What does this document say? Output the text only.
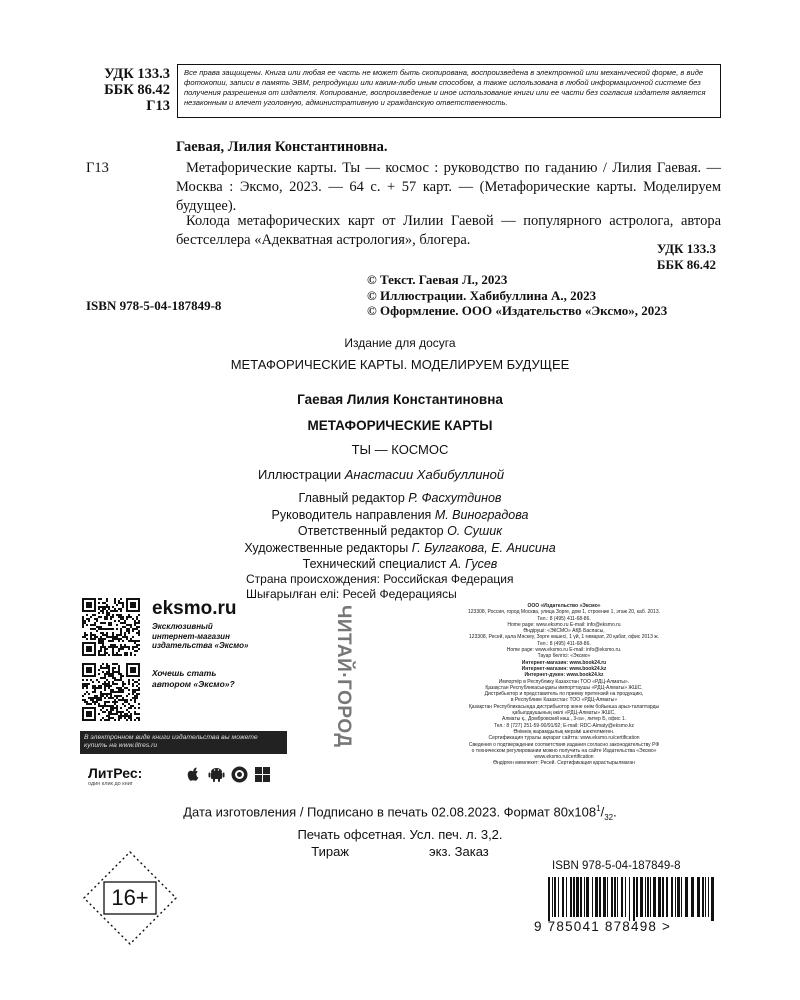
УДК 133.3
ББК 86.42
Г13
Все права защищены. Книга или любая ее часть не может быть скопирована, воспроизведена в электронной или механической форме, в виде фотокопии, записи в память ЭВМ, репродукции или каким-либо иным способом, а также использована в любой информационной системе без получения разрешения от издателя. Копирование, воспроизведение и иное использование книги или ее части без согласия издателя является незаконным и влечет уголовную, административную и гражданскую ответственность.
Гаевая, Лилия Константиновна.
Г13	Метафорические карты. Ты — космос : руководство по гаданию / Лилия Гаевая. — Москва : Эксмо, 2023. — 64 с. + 57 карт. — (Метафорические карты. Моделируем будущее).
Колода метафорических карт от Лилии Гаевой — популярного астролога, автора бестселлера «Адекватная астрология», блогера.
УДК 133.3
ББК 86.42
© Текст. Гаевая Л., 2023
© Иллюстрации. Хабибуллина А., 2023
© Оформление. ООО «Издательство «Эксмо», 2023
ISBN 978-5-04-187849-8
Издание для досуга
МЕТАФОРИЧЕСКИЕ КАРТЫ. МОДЕЛИРУЕМ БУДУЩЕЕ
Гаевая Лилия Константиновна
МЕТАФОРИЧЕСКИЕ КАРТЫ
ТЫ — КОСМОС
Иллюстрации Анастасии Хабибуллиной
Главный редактор Р. Фасхутдинов
Руководитель направления М. Виноградова
Ответственный редактор О. Сушик
Художественные редакторы Г. Булгакова, Е. Анисина
Технический специалист А. Гусев
Страна происхождения: Российская Федерация
Шығарылған елі: Ресей Федерациясы
eksmo.ru
Эксклюзивный
интернет-магазин
издательства «Эксмо»
Хочешь стать
автором «Эксмо»?
В электронном виде книги издательства вы можете
купить на www.litres.ru
ЛитРес:
один клик до книг
ЧИТАЙ·ГОРОД	ООО «Издательство «Эксмо»
123308, Россия, город Москва, улица Зорге, дом 1, строение 1, этаж 20, каб. 2013.
Тел.: 8 (495) 411-68-86.
Home page: www.eksmo.ru E-mail: info@eksmo.ru
Өндіруші: «ЭКСМО» АҚБ Баспасы,
123308, Ресей, қала Мәскеу, Зорге көшесі, 1 үй, 1 ғимарат, 20 қабат, офис 2013 ж.
Тел.: 8 (495) 411-68-86.
Home page: www.eksmo.ru E-mail: info@eksmo.ru.
Тауар белгісі: «Эксмо»
Интернет-магазин: www.book24.ru
Интернет-магазин: www.book24.kz
Интернет-дүкен: www.book24.kz
Импортёр в Республику Казахстан ТОО «РДЦ-Алматы».
Қазақстан Республикасындағы импорттаушы «РДЦ-Алматы» ЖШС.
Дистрибьютор и представитель по приему претензий на продукцию,
в Республике Казахстан: ТОО «РДЦ-Алматы»
Қазақстан Республикасында дистрибьютор және өнім бойынша арыз-талаптарды
қабылдаушының өкілі «РДЦ-Алматы» ЖШС,
Алматы қ., Домбровский көш., 3«а», литер Б, офис 1.
Тел.: 8 (727) 251-59-90/91/92; E-mail: RDC-Almaty@eksmo.kz
Өнімнің жарамдылық мерзімі шектелмеген.
Сертификация туралы ақпарат сайтта: www.eksmo.ru/certification
Сведения о подтверждении соответствия издания согласно законодательству РФ
о техническом регулировании можно получить на сайте Издательства «Эксмо»
www.eksmo.ru/certification
Өндірген мемлекет: Ресей. Сертификация қарастырылмаған
Дата изготовления / Подписано в печать 02.08.2023. Формат $80x108^1/_{32}$.
Печать офсетная. Усл. печ. л. 3,2.
Тираж	экз. Заказ
16+
ISBN 978-5-04-187849-8
9 785041 878498 >
